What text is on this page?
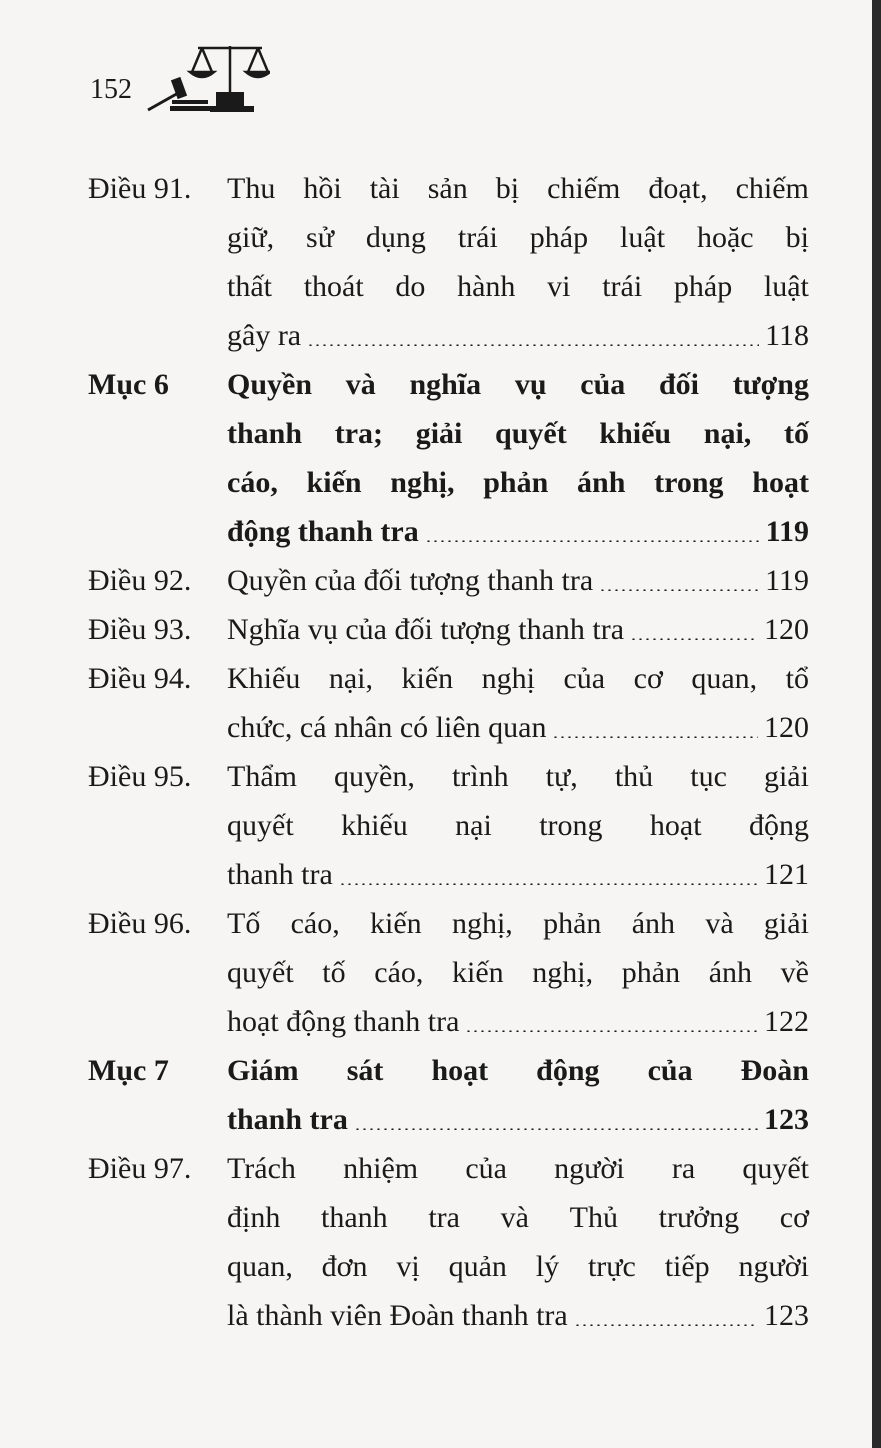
152
Điều 91. Thu hồi tài sản bị chiếm đoạt, chiếm
giữ, sử dụng trái pháp luật hoặc bị
thất thoát do hành vi trái pháp luật
gây ra	118
Mục 6 Quyền và nghĩa vụ của đối tượng
thanh tra; giải quyết khiếu nại, tố
cáo, kiến nghị, phản ánh trong hoạt
động thanh tra	119
Điều 92. Quyền của đối tượng thanh tra	119
Điều 93. Nghĩa vụ của đối tượng thanh tra	120
Điều 94. Khiếu nại, kiến nghị của cơ quan, tổ
chức, cá nhân có liên quan	120
Điều 95. Thẩm quyền, trình tự, thủ tục giải
quyết khiếu nại trong hoạt động
thanh tra	121
Điều 96. Tố cáo, kiến nghị, phản ánh và giải
quyết tố cáo, kiến nghị, phản ánh về
hoạt động thanh tra	122
Mục 7 Giám sát hoạt động của Đoàn
thanh tra	123
Điều 97. Trách nhiệm của người ra quyết
định thanh tra và Thủ trưởng cơ
quan, đơn vị quản lý trực tiếp người
là thành viên Đoàn thanh tra	123
